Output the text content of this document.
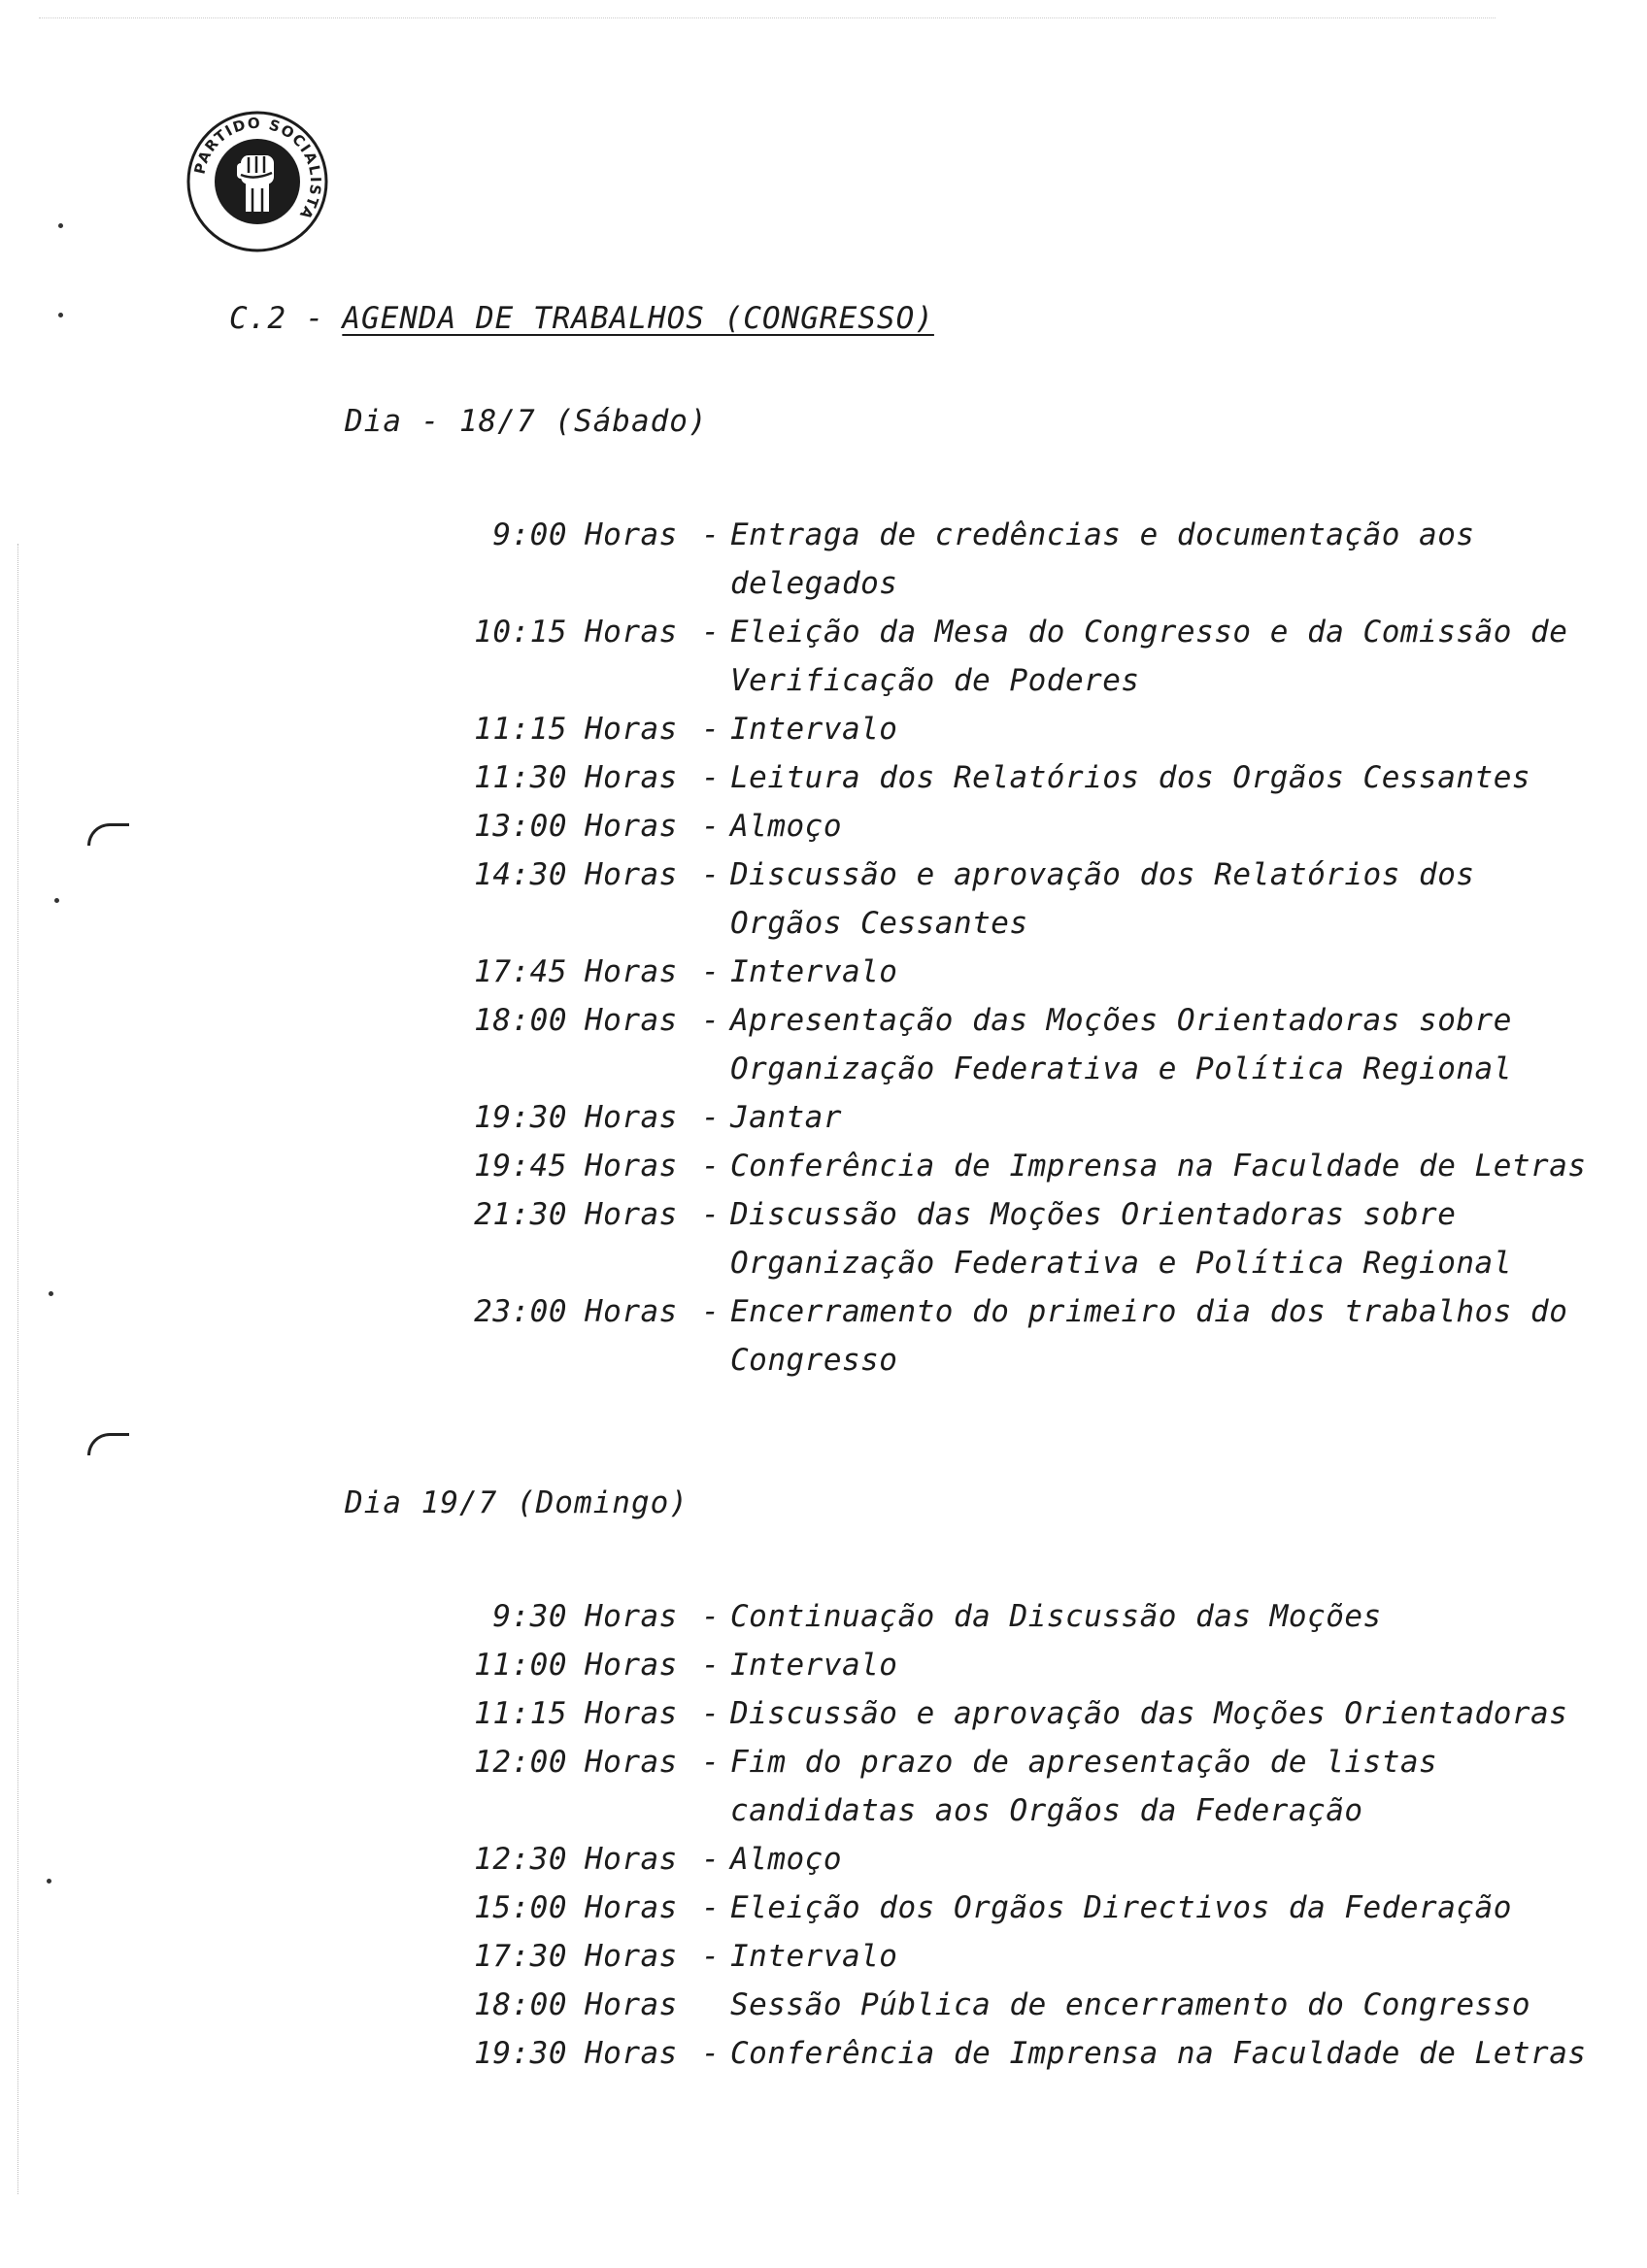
PARTIDO SOCIALISTA
C.2 - AGENDA DE TRABALHOS (CONGRESSO)
Dia - 18/7 (Sábado)
9:00 Horas - Entraga de credências e documentação aos delegados
10:15 Horas - Eleição da Mesa do Congresso e da Comissão de Verificação de Poderes
11:15 Horas - Intervalo
11:30 Horas - Leitura dos Relatórios dos Orgãos Cessantes
13:00 Horas - Almoço
14:30 Horas - Discussão e aprovação dos Relatórios dos Orgãos Cessantes
17:45 Horas - Intervalo
18:00 Horas - Apresentação das Moções Orientadoras sobre Organização Federativa e Política Regional
19:30 Horas - Jantar
19:45 Horas - Conferência de Imprensa na Faculdade de Letras
21:30 Horas - Discussão das Moções Orientadoras sobre Organização Federativa e Política Regional
23:00 Horas - Encerramento do primeiro dia dos trabalhos do Congresso
Dia 19/7 (Domingo)
9:30 Horas - Continuação da Discussão das Moções
11:00 Horas - Intervalo
11:15 Horas - Discussão e aprovação das Moções Orientadoras
12:00 Horas - Fim do prazo de apresentação de listas candidatas aos Orgãos da Federação
12:30 Horas - Almoço
15:00 Horas - Eleição dos Orgãos Directivos da Federação
17:30 Horas - Intervalo
18:00 Horas	Sessão Pública de encerramento do Congresso
19:30 Horas - Conferência de Imprensa na Faculdade de Letras
